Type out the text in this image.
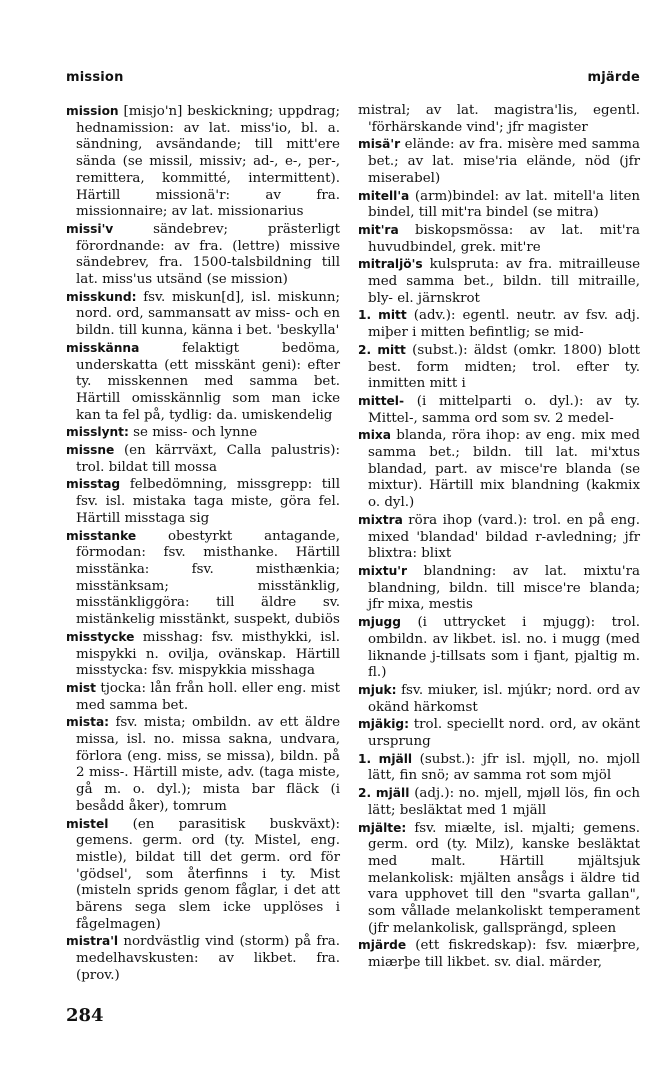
mission	mjärde

mission [misjo'n] beskickning; uppdrag; hednamission: av lat. miss'io, bl. a. sändning, avsändande; till mitt'ere sända (se missil, missiv; ad-, e-, per-, remittera, kommitté, intermittent). Härtill missionä'r: av fra. missionnaire; av lat. missionarius

missi'v sändebrev; prästerligt förordnande: av fra. (lettre) missive sändebrev, fra. 1500-talsbildning till lat. miss'us utsänd (se mission)

misskund: fsv. miskun[d], isl. miskunn; nord. ord, sammansatt av miss- och en bildn. till kunna, känna i bet. 'beskylla'

misskänna felaktigt bedöma, underskatta (ett misskänt geni): efter ty. misskennen med samma bet. Härtill omisskännlig som man icke kan ta fel på, tydlig: da. umiskendelig

misslynt: se miss- och lynne

missne (en kärrväxt, Calla palustris): trol. bildat till mossa

misstag felbedömning, missgrepp: till fsv. isl. mistaka taga miste, göra fel. Härtill misstaga sig

misstanke obestyrkt antagande, förmodan: fsv. misthanke. Härtill misstänka: fsv. misthænkia; misstänksam; misstänklig, misstänkliggöra: till äldre sv. mistänkelig misstänkt, suspekt, dubiös

misstycke misshag: fsv. misthykki, isl. mispykki n. ovilja, ovänskap. Härtill misstycka: fsv. mispykkia misshaga

mist tjocka: lån från holl. eller eng. mist med samma bet.

mista: fsv. mista; ombildn. av ett äldre missa, isl. no. missa sakna, undvara, förlora (eng. miss, se missa), bildn. på 2 miss-. Härtill miste, adv. (taga miste, gå m. o. dyl.); mista bar fläck (i besådd åker), tomrum

mistel (en parasitisk buskväxt): gemens. germ. ord (ty. Mistel, eng. mistle), bildat till det germ. ord för 'gödsel', som återfinns i ty. Mist (misteln sprids genom fåglar, i det att bärens sega slem icke upplöses i fågelmagen)

mistra'l nordvästlig vind (storm) på fra. medelhavskusten: av likbet. fra. (prov.)

mistral; av lat. magistra'lis, egentl. 'förhärskande vind'; jfr magister

misä'r elände: av fra. misère med samma bet.; av lat. mise'ria elände, nöd (jfr miserabel)

mitell'a (arm)bindel: av lat. mitell'a liten bindel, till mit'ra bindel (se mitra)

mit'ra biskopsmössa: av lat. mit'ra huvudbindel, grek. mit're

mitraljö's kulspruta: av fra. mitrailleuse med samma bet., bildn. till mitraille, bly- el. järnskrot

1. mitt (adv.): egentl. neutr. av fsv. adj. miþer i mitten befintlig; se mid-

2. mitt (subst.): äldst (omkr. 1800) blott best. form midten; trol. efter ty. inmitten mitt i

mittel- (i mittelparti o. dyl.): av ty. Mittel-, samma ord som sv. 2 medel-

mixa blanda, röra ihop: av eng. mix med samma bet.; bildn. till lat. mi'xtus blandad, part. av misce're blanda (se mixtur). Härtill mix blandning (kakmix o. dyl.)

mixtra röra ihop (vard.): trol. en på eng. mixed 'blandad' bildad r-avledning; jfr blixtra: blixt

mixtu'r blandning: av lat. mixtu'ra blandning, bildn. till misce're blanda; jfr mixa, mestis

mjugg (i uttrycket i mjugg): trol. ombildn. av likbet. isl. no. i mugg (med liknande j-tillsats som i fjant, pjaltig m. fl.)

mjuk: fsv. miuker, isl. mjúkr; nord. ord av okänd härkomst

mjäkig: trol. speciellt nord. ord, av okänt ursprung

1. mjäll (subst.): jfr isl. mjǫll, no. mjoll lätt, fin snö; av samma rot som mjöl

2. mjäll (adj.): no. mjell, mjøll lös, fin och lätt; besläktat med 1 mjäll

mjälte: fsv. miælte, isl. mjalti; gemens. germ. ord (ty. Milz), kanske besläktat med malt. Härtill mjältsjuk melankolisk: mjälten ansågs i äldre tid vara upphovet till den "svarta gallan", som vållade melankoliskt temperament (jfr melankolisk, gallsprängd, spleen

mjärde (ett fiskredskap): fsv. miærþre, miærþe till likbet. sv. dial. märder,

284
